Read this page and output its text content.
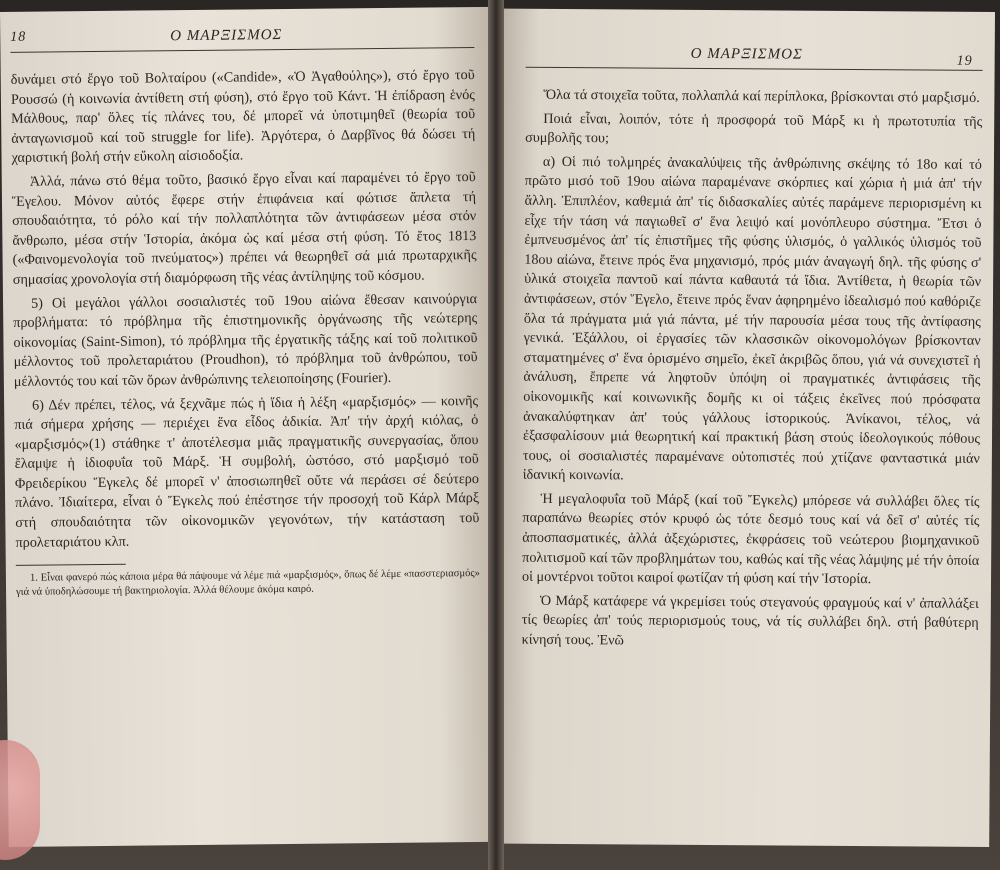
18	Ο ΜΑΡΞΙΣΜΟΣ

δυνάμει στό ἔργο τοῦ Βολταίρου («Candide», «Ὁ Ἀγαθούλης»), στό ἔργο τοῦ Ρουσσώ (ἡ κοινωνία ἀντίθετη στή φύση), στό ἔργο τοῦ Κάντ. Ἡ ἐπίδραση ἑνός Μάλθους, παρ' ὅλες τίς πλάνες του, δέ μπορεῖ νά ὑποτιμηθεῖ (θεωρία τοῦ ἀνταγωνισμοῦ καί τοῦ struggle for life). Ἀργότερα, ὁ Δαρβῖνος θά δώσει τή χαριστική βολή στήν εὔκολη αἰσιοδοξία.

Ἀλλά, πάνω στό θέμα τοῦτο, βασικό ἔργο εἶναι καί παραμένει τό ἔργο τοῦ Ἕγελου. Μόνον αὐτός ἔφερε στήν ἐπιφάνεια καί φώτισε ἄπλετα τή σπουδαιότητα, τό ρόλο καί τήν πολλαπλότητα τῶν ἀντιφάσεων μέσα στόν ἄνθρωπο, μέσα στήν Ἱστορία, ἀκόμα ὡς καί μέσα στή φύση. Τό ἔτος 1813 («Φαινομενολογία τοῦ πνεύματος») πρέπει νά θεωρηθεῖ σά μιά πρωταρχικῆς σημασίας χρονολογία στή διαμόρφωση τῆς νέας ἀντίληψης τοῦ κόσμου.

5) Οἱ μεγάλοι γάλλοι σοσιαλιστές τοῦ 19ου αἰώνα ἔθεσαν καινούργια προβλήματα: τό πρόβλημα τῆς ἐπιστημονικῆς ὀργάνωσης τῆς νεώτερης οἰκονομίας (Saint-Simon), τό πρόβλημα τῆς ἐργατικῆς τάξης καί τοῦ πολιτικοῦ μέλλοντος τοῦ προλεταριάτου (Proudhon), τό πρόβλημα τοῦ ἀνθρώπου, τοῦ μέλλοντός του καί τῶν ὅρων ἀνθρώπινης τελειοποίησης (Fourier).

6) Δέν πρέπει, τέλος, νά ξεχνᾶμε πώς ἡ ἴδια ἡ λέξη «μαρξισμός» — κοινῆς πιά σήμερα χρήσης — περιέχει ἕνα εἶδος ἀδικία. Ἀπ' τήν ἀρχή κιόλας, ὁ «μαρξισμός»(1) στάθηκε τ' ἀποτέλεσμα μιᾶς πραγματικῆς συνεργασίας, ὅπου ἔλαμψε ἡ ἰδιοφυΐα τοῦ Μάρξ. Ἡ συμβολή, ὡστόσο, στό μαρξισμό τοῦ Φρειδερίκου Ἔγκελς δέ μπορεῖ ν' ἀποσιωπηθεῖ οὔτε νά περάσει σέ δεύτερο πλάνο. Ἰδιαίτερα, εἶναι ὁ Ἔγκελς πού ἐπέστησε τήν προσοχή τοῦ Κάρλ Μάρξ στή σπουδαιότητα τῶν οἰκονομικῶν γεγονότων, τήν κατάσταση τοῦ προλεταριάτου κλπ.

1. Εἶναι φανερό πώς κάποια μέρα θά πάψουμε νά λέμε πιά «μαρξισμός», ὅπως δέ λέμε «πασστεριασμός» γιά νά ὑποδηλώσουμε τή βακτηριολογία. Ἀλλά θέλουμε ἀκόμα καιρό.

Ο ΜΑΡΞΙΣΜΟΣ	19

Ὅλα τά στοιχεῖα τοῦτα, πολλαπλά καί περίπλοκα, βρίσκονται στό μαρξισμό.

Ποιά εἶναι, λοιπόν, τότε ἡ προσφορά τοῦ Μάρξ κι ἡ πρωτοτυπία τῆς συμβολῆς του;

α) Οἱ πιό τολμηρές ἀνακαλύψεις τῆς ἀνθρώπινης σκέψης τό 18ο καί τό πρῶτο μισό τοῦ 19ου αἰώνα παραμένανε σκόρπιες καί χώρια ἡ μιά ἀπ' τήν ἄλλη. Ἐπιπλέον, καθεμιά ἀπ' τίς διδασκαλίες αὐτές παράμενε περιορισμένη κι εἶχε τήν τάση νά παγιωθεῖ σ' ἕνα λειψό καί μονόπλευρο σύστημα. Ἔτσι ὁ ἐμπνευσμένος ἀπ' τίς ἐπιστῆμες τῆς φύσης ὑλισμός, ὁ γαλλικός ὑλισμός τοῦ 18ου αἰώνα, ἔτεινε πρός ἕνα μηχανισμό, πρός μιάν ἀναγωγή δηλ. τῆς φύσης σ' ὑλικά στοιχεῖα παντοῦ καί πάντα καθαυτά τά ἴδια. Ἀντίθετα, ἡ θεωρία τῶν ἀντιφάσεων, στόν Ἕγελο, ἔτεινε πρός ἕναν ἀφηρημένο ἰδεαλισμό πού καθόριζε ὅλα τά πράγματα μιά γιά πάντα, μέ τήν παρουσία μέσα τους τῆς ἀντίφασης γενικά. Ἐξάλλου, οἱ ἐργασίες τῶν κλασσικῶν οἰκονομολόγων βρίσκονταν σταματημένες σ' ἕνα ὁρισμένο σημεῖο, ἐκεῖ ἀκριβῶς ὅπου, γιά νά συνεχιστεῖ ἡ ἀνάλυση, ἔπρεπε νά ληφτοῦν ὑπόψη οἱ πραγματικές ἀντιφάσεις τῆς οἰκονομικῆς καί κοινωνικῆς δομῆς κι οἱ τάξεις ἐκεῖνες πού πρόσφατα ἀνακαλύφτηκαν ἀπ' τούς γάλλους ἱστορικούς. Ἀνίκανοι, τέλος, νά ἐξασφαλίσουν μιά θεωρητική καί πρακτική βάση στούς ἰδεολογικούς πόθους τους, οἱ σοσιαλιστές παραμένανε οὐτοπιστές πού χτίζανε φανταστικά μιάν ἰδανική κοινωνία.

Ἡ μεγαλοφυΐα τοῦ Μάρξ (καί τοῦ Ἔγκελς) μπόρεσε νά συλλάβει ὅλες τίς παραπάνω θεωρίες στόν κρυφό ὡς τότε δεσμό τους καί νά δεῖ σ' αὐτές τίς ἀποσπασματικές, ἀλλά ἀξεχώριστες, ἐκφράσεις τοῦ νεώτερου βιομηχανικοῦ πολιτισμοῦ καί τῶν προβλημάτων του, καθώς καί τῆς νέας λάμψης μέ τήν ὁποία οἱ μοντέρνοι τοῦτοι καιροί φωτίζαν τή φύση καί τήν Ἱστορία.

Ὁ Μάρξ κατάφερε νά γκρεμίσει τούς στεγανούς φραγμούς καί ν' ἀπαλλάξει τίς θεωρίες ἀπ' τούς περιορισμούς τους, νά τίς συλλάβει δηλ. στή βαθύτερη κίνησή τους. Ἐνῶ
